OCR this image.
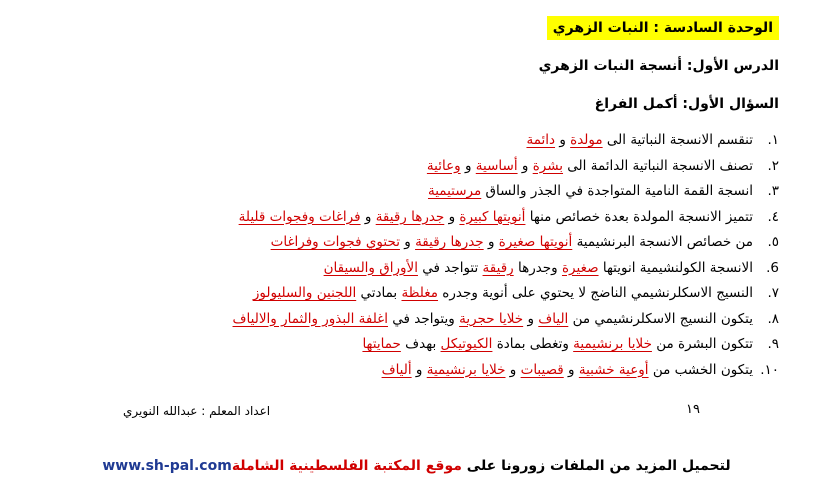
الوحدة السادسة : النبات الزهري
الدرس الأول: أنسجة النبات الزهري
السؤال الأول: أكمل الفراغ
١.
تنقسم الانسجة النباتية الى مولدة و دائمة
٢.
تصنف الانسجة النباتية الدائمة الى بشرة و أساسية و وعائية
٣.
انسجة القمة النامية المتواجدة في الجذر والساق مرستيمية
٤.
تتميز الانسجة المولدة بعدة خصائص منها أنويتها كبيرة و جدرها رقيقة و فراغات وفجوات قليلة
٥.
من خصائص الانسجة البرنشيمية أنويتها صغيرة و جدرها رقيقة و تحتوي فجوات وفراغات
6.
الانسجة الكولنشيمية انويتها صغيرة وجدرها رقيقة تتواجد في الأوراق والسيقان
٧.
النسيج الاسكلرنشيمي الناضج لا يحتوي على أنوية وجدره مغلظة بمادتي اللجنين والسليولوز
٨.
يتكون النسيج الاسكلرنشيمي من الياف و خلايا حجرية ويتواجد في اغلفة البذور والثمار والالياف
٩.
تتكون البشرة من خلايا برنشيمية وتغطى بمادة الكيوتيكل بهدف حمايتها
١٠.
يتكون الخشب من أوعية خشبية و قصيبات و خلايا برنشيمية و ألياف
١٩
اعداد المعلم : عبدالله النويري
لتحميل المزيد من الملفات زورونا على موقع المكتبة الفلسطينية الشاملةwww.sh-pal.com
